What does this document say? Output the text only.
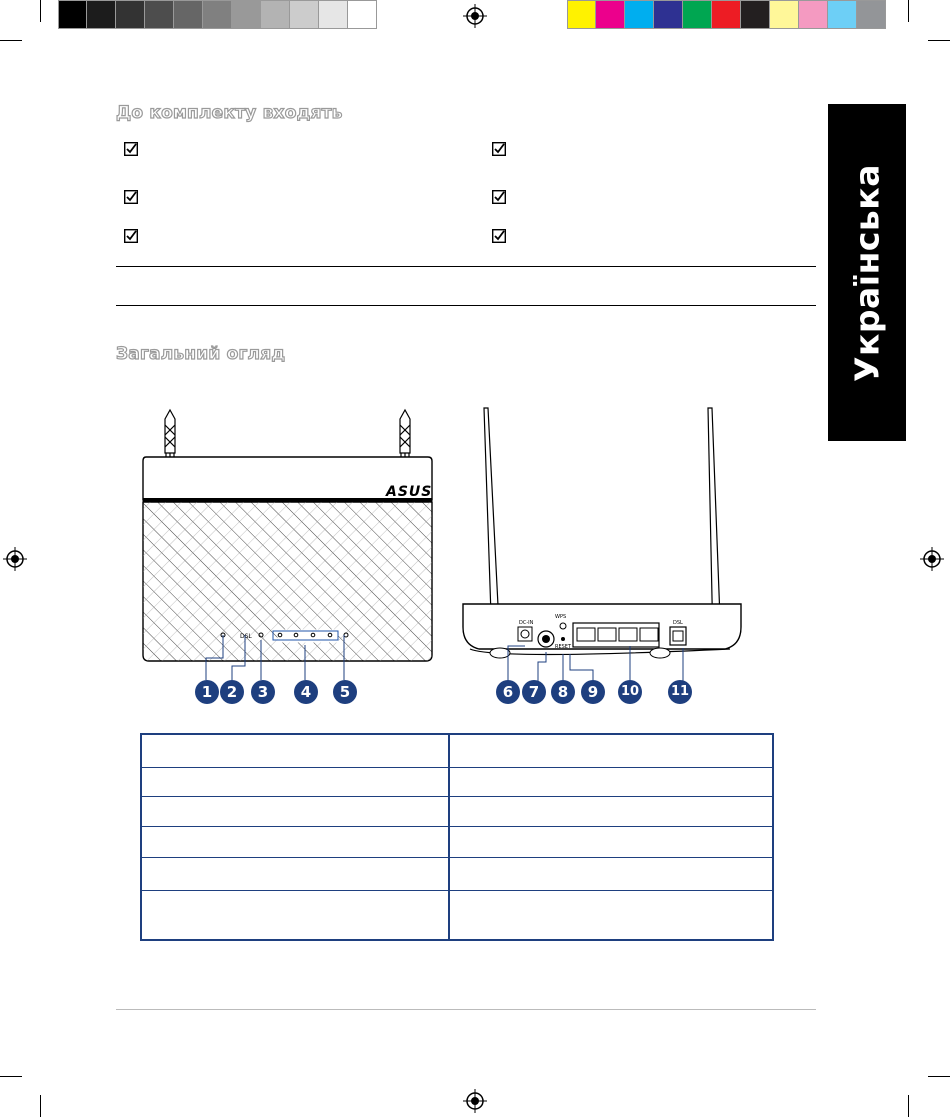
Українська
До комплекту входять
Загальний огляд
DSL
ASUS
DC-IN
WPS
RESET
DSL
1 2	3	4	5	6	7	8	9	10 11
